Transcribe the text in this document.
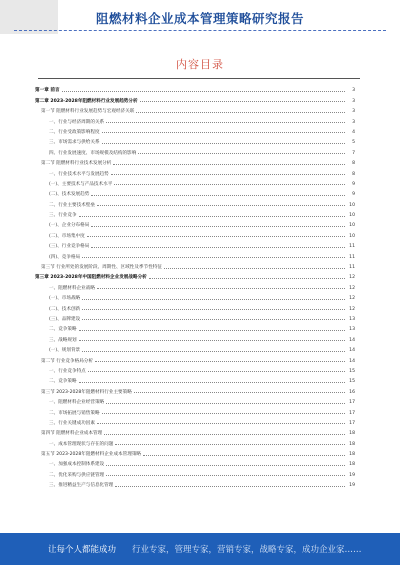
阻燃材料企业成本管理策略研究报告
内容目录
第一章 前言	3
第二章 2023-2028年阻燃材料行业发展趋势分析	3
第一节 阻燃材料行业发展趋势与宏观经济关联	3
一、行业与经济周期的关系	3
二、行业受政策影响程度	4
三、市场需求与供给关系	5
四、行业发展速度、市场规模及结构的影响	7
第二节 阻燃材料行业技术发展分析	8
一、行业技术水平与发展趋势	8
(一)、主要技术与产品技术水平	9
(二)、技术发展趋势	9
二、行业主要技术壁垒	10
三、行业竞争	10
(一)、企业分布格局	10
(二)、市场集中度	10
(三)、行业竞争格局	11
(四)、竞争格局	11
第三节 行业所处的发展阶段、周期性、区域性及季节性特征	11
第三章 2023-2028年中国阻燃材料企业发展战略分析	12
一、阻燃材料企业战略	12
(一)、市场战略	12
(二)、技术创新	12
(三)、品牌建设	13
二、竞争策略	13
三、战略规划	14
(一)、规划背景	14
第二节 行业竞争格局分析	14
一、行业竞争特点	15
二、竞争策略	15
第三节 2023-2028年阻燃材料行业主要策略	16
一、阻燃材料企业经营策略	17
二、市场拓展与销售策略	17
三、行业关键成功因素	17
第四节 阻燃材料企业成本管理	18
一、成本管理现状与存在的问题	18
第五节 2023-2028年阻燃材料企业成本管理策略	18
一、加强成本控制体系建设	18
二、优化采购与供应链管理	19
三、推进精益生产与信息化管理	19
让每个人都能成功 行业专家，管理专家，营销专家，战略专家，成功企业家……
